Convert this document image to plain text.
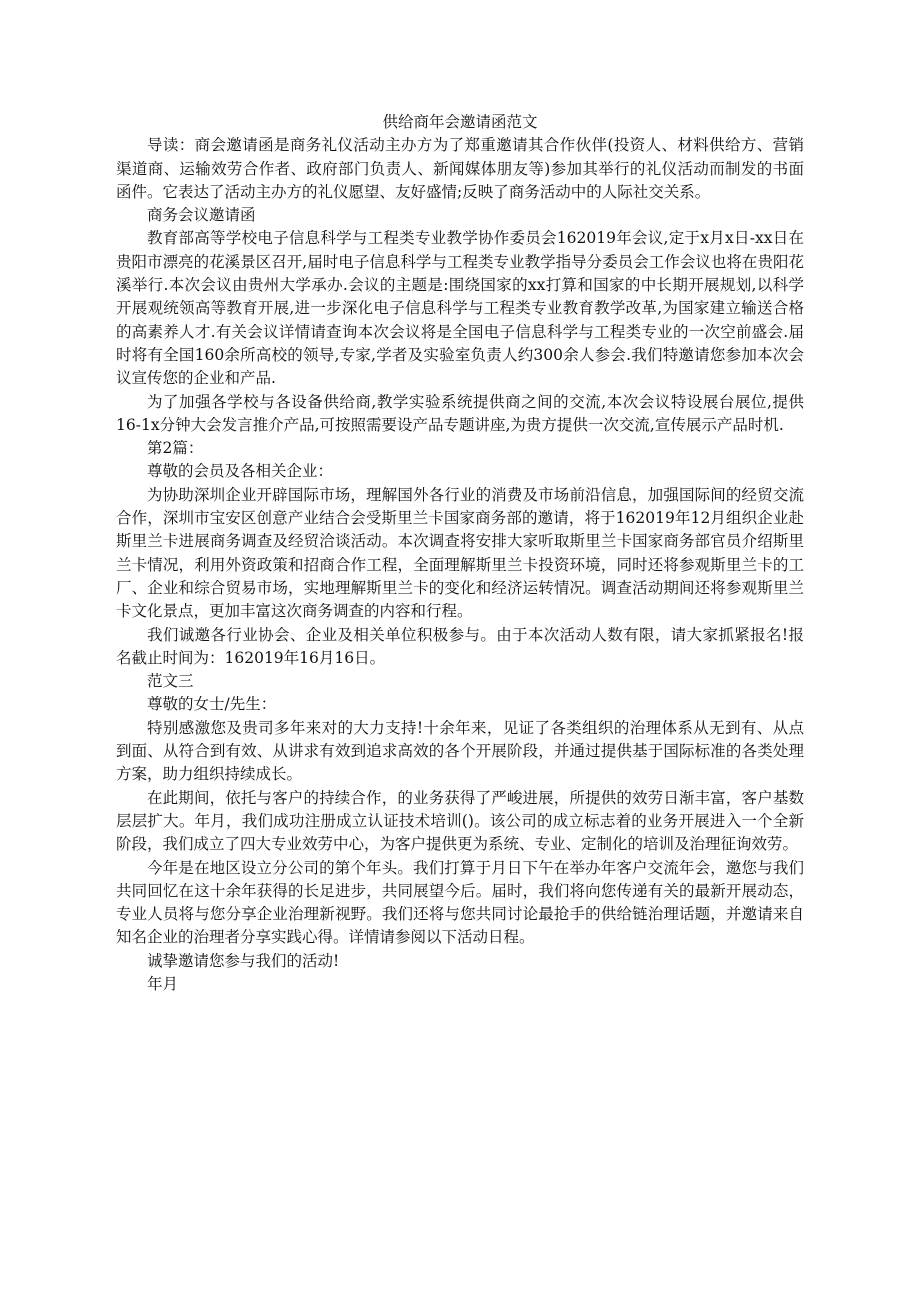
供给商年会邀请函范文

导读：商会邀请函是商务礼仪活动主办方为了郑重邀请其合作伙伴(投资人、材料供给方、营销渠道商、运输效劳合作者、政府部门负责人、新闻媒体朋友等)参加其举行的礼仪活动而制发的书面函件。它表达了活动主办方的礼仪愿望、友好盛情;反映了商务活动中的人际社交关系。

商务会议邀请函

教育部高等学校电子信息科学与工程类专业教学协作委员会162019年会议,定于x月x日-xx日在贵阳市漂亮的花溪景区召开,届时电子信息科学与工程类专业教学指导分委员会工作会议也将在贵阳花溪举行.本次会议由贵州大学承办.会议的主题是:围绕国家的xx打算和国家的中长期开展规划,以科学开展观统领高等教育开展,进一步深化电子信息科学与工程类专业教育教学改革,为国家建立输送合格的高素养人才.有关会议详情请查询本次会议将是全国电子信息科学与工程类专业的一次空前盛会.届时将有全国160余所高校的领导,专家,学者及实验室负责人约300余人参会.我们特邀请您参加本次会议宣传您的企业和产品.

为了加强各学校与各设备供给商,教学实验系统提供商之间的交流,本次会议特设展台展位,提供16-1x分钟大会发言推介产品,可按照需要设产品专题讲座,为贵方提供一次交流,宣传展示产品时机.

第2篇：

尊敬的会员及各相关企业：

为协助深圳企业开辟国际市场，理解国外各行业的消费及市场前沿信息，加强国际间的经贸交流合作，深圳市宝安区创意产业结合会受斯里兰卡国家商务部的邀请，将于162019年12月组织企业赴斯里兰卡进展商务调查及经贸洽谈活动。本次调查将安排大家听取斯里兰卡国家商务部官员介绍斯里兰卡情况，利用外资政策和招商合作工程，全面理解斯里兰卡投资环境，同时还将参观斯里兰卡的工厂、企业和综合贸易市场，实地理解斯里兰卡的变化和经济运转情况。调查活动期间还将参观斯里兰卡文化景点，更加丰富这次商务调查的内容和行程。

我们诚邀各行业协会、企业及相关单位积极参与。由于本次活动人数有限，请大家抓紧报名!报名截止时间为：162019年16月16日。

范文三

尊敬的女士/先生：

特别感激您及贵司多年来对的大力支持!十余年来，见证了各类组织的治理体系从无到有、从点到面、从符合到有效、从讲求有效到追求高效的各个开展阶段，并通过提供基于国际标准的各类处理方案，助力组织持续成长。

在此期间，依托与客户的持续合作，的业务获得了严峻进展，所提供的效劳日渐丰富，客户基数层层扩大。年月，我们成功注册成立认证技术培训()。该公司的成立标志着的业务开展进入一个全新阶段，我们成立了四大专业效劳中心，为客户提供更为系统、专业、定制化的培训及治理征询效劳。

今年是在地区设立分公司的第个年头。我们打算于月日下午在举办年客户交流年会，邀您与我们共同回忆在这十余年获得的长足进步，共同展望今后。届时，我们将向您传递有关的最新开展动态，专业人员将与您分享企业治理新视野。我们还将与您共同讨论最抢手的供给链治理话题，并邀请来自知名企业的治理者分享实践心得。详情请参阅以下活动日程。

诚挚邀请您参与我们的活动!

年月
